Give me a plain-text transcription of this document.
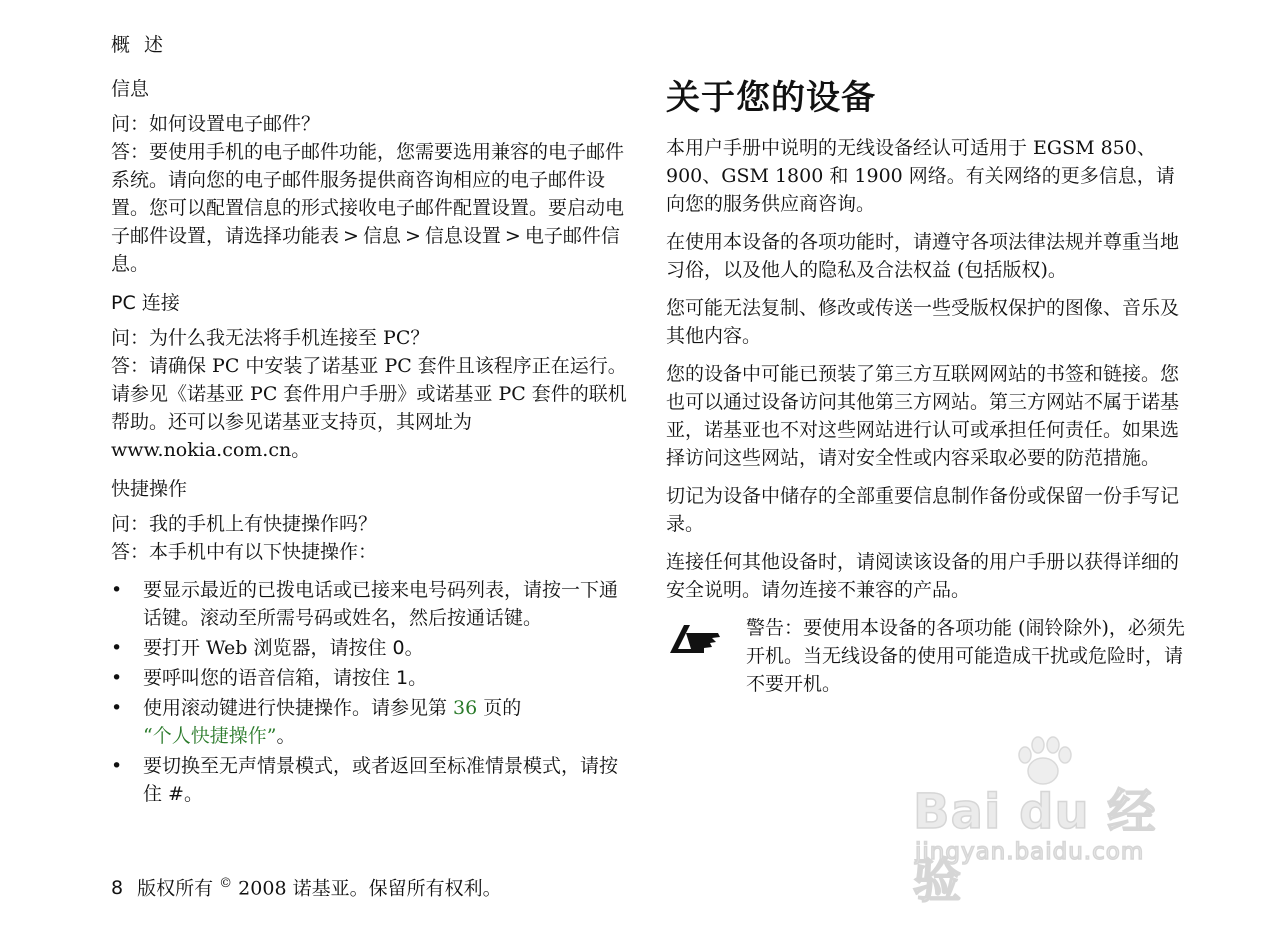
概 述
信息

问：如何设置电子邮件？

答：要使用手机的电子邮件功能，您需要选用兼容的电子邮件系统。请向您的电子邮件服务提供商咨询相应的电子邮件设置。您可以配置信息的形式接收电子邮件配置设置。要启动电子邮件设置，请选择功能表 > 信息 > 信息设置 > 电子邮件信息。

PC 连接

问：为什么我无法将手机连接至 PC？

答：请确保 PC 中安装了诺基亚 PC 套件且该程序正在运行。请参见《诺基亚 PC 套件用户手册》或诺基亚 PC 套件的联机帮助。还可以参见诺基亚支持页，其网址为 www.nokia.com.cn。

快捷操作

问：我的手机上有快捷操作吗？

答：本手机中有以下快捷操作：

• 要显示最近的已拨电话或已接来电号码列表，请按一下通话键。滚动至所需号码或姓名，然后按通话键。
• 要打开 Web 浏览器，请按住 0。
• 要呼叫您的语音信箱，请按住 1。
• 使用滚动键进行快捷操作。请参见第 36 页的
“个人快捷操作”。
• 要切换至无声情景模式，或者返回至标准情景模式，请按住 #。
关于您的设备

本用户手册中说明的无线设备经认可适用于 EGSM 850、900、GSM 1800 和 1900 网络。有关网络的更多信息，请向您的服务供应商咨询。

在使用本设备的各项功能时，请遵守各项法律法规并尊重当地习俗，以及他人的隐私及合法权益 (包括版权)。

您可能无法复制、修改或传送一些受版权保护的图像、音乐及其他内容。

您的设备中可能已预装了第三方互联网网站的书签和链接。您也可以通过设备访问其他第三方网站。第三方网站不属于诺基亚，诺基亚也不对这些网站进行认可或承担任何责任。如果选择访问这些网站，请对安全性或内容采取必要的防范措施。

切记为设备中储存的全部重要信息制作备份或保留一份手写记录。

连接任何其他设备时，请阅读该设备的用户手册以获得详细的安全说明。请勿连接不兼容的产品。

警告：要使用本设备的各项功能 (闹铃除外)，必须先开机。当无线设备的使用可能造成干扰或危险时，请不要开机。

8 版权所有 © 2008 诺基亚。保留所有权利。
Bai du 经验
jingyan.baidu.com
